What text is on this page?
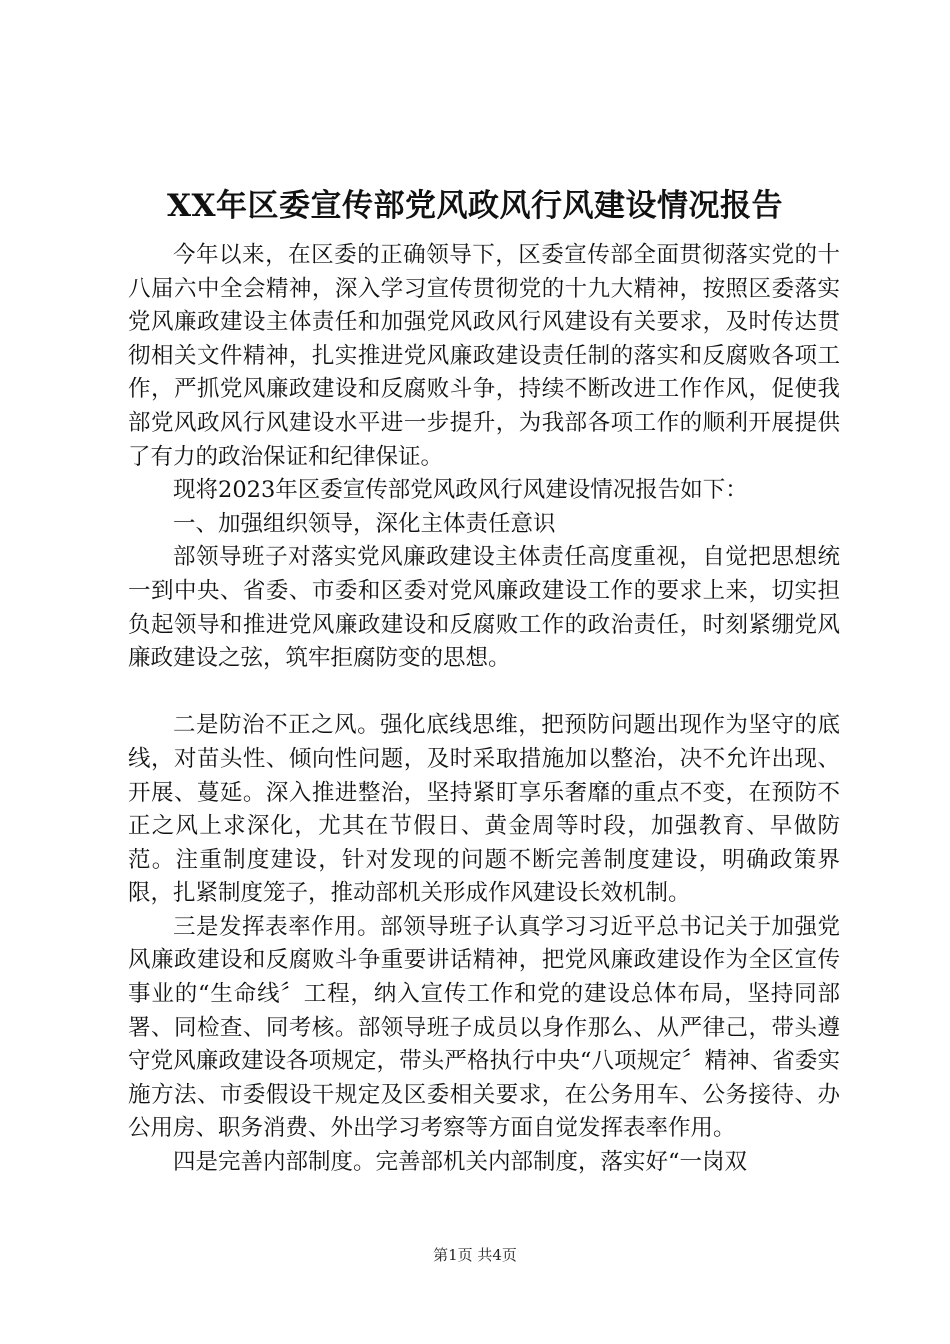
XX年区委宣传部党风政风行风建设情况报告

今年以来，在区委的正确领导下，区委宣传部全面贯彻落实党的十八届六中全会精神，深入学习宣传贯彻党的十九大精神，按照区委落实党风廉政建设主体责任和加强党风政风行风建设有关要求，及时传达贯彻相关文件精神，扎实推进党风廉政建设责任制的落实和反腐败各项工作，严抓党风廉政建设和反腐败斗争，持续不断改进工作作风，促使我部党风政风行风建设水平进一步提升，为我部各项工作的顺利开展提供了有力的政治保证和纪律保证。

现将2023年区委宣传部党风政风行风建设情况报告如下：

一、加强组织领导，深化主体责任意识

部领导班子对落实党风廉政建设主体责任高度重视，自觉把思想统一到中央、省委、市委和区委对党风廉政建设工作的要求上来，切实担负起领导和推进党风廉政建设和反腐败工作的政治责任，时刻紧绷党风廉政建设之弦，筑牢拒腐防变的思想。

二是防治不正之风。强化底线思维，把预防问题出现作为坚守的底线，对苗头性、倾向性问题，及时采取措施加以整治，决不允许出现、开展、蔓延。深入推进整治，坚持紧盯享乐奢靡的重点不变，在预防不正之风上求深化，尤其在节假日、黄金周等时段，加强教育、早做防范。注重制度建设，针对发现的问题不断完善制度建设，明确政策界限，扎紧制度笼子，推动部机关形成作风建设长效机制。

三是发挥表率作用。部领导班子认真学习习近平总书记关于加强党风廉政建设和反腐败斗争重要讲话精神，把党风廉政建设作为全区宣传事业的“生命线〞工程，纳入宣传工作和党的建设总体布局，坚持同部署、同检查、同考核。部领导班子成员以身作那么、从严律己，带头遵守党风廉政建设各项规定，带头严格执行中央“八项规定〞精神、省委实施方法、市委假设干规定及区委相关要求，在公务用车、公务接待、办公用房、职务消费、外出学习考察等方面自觉发挥表率作用。

四是完善内部制度。完善部机关内部制度，落实好“一岗双

第1页 共4页
